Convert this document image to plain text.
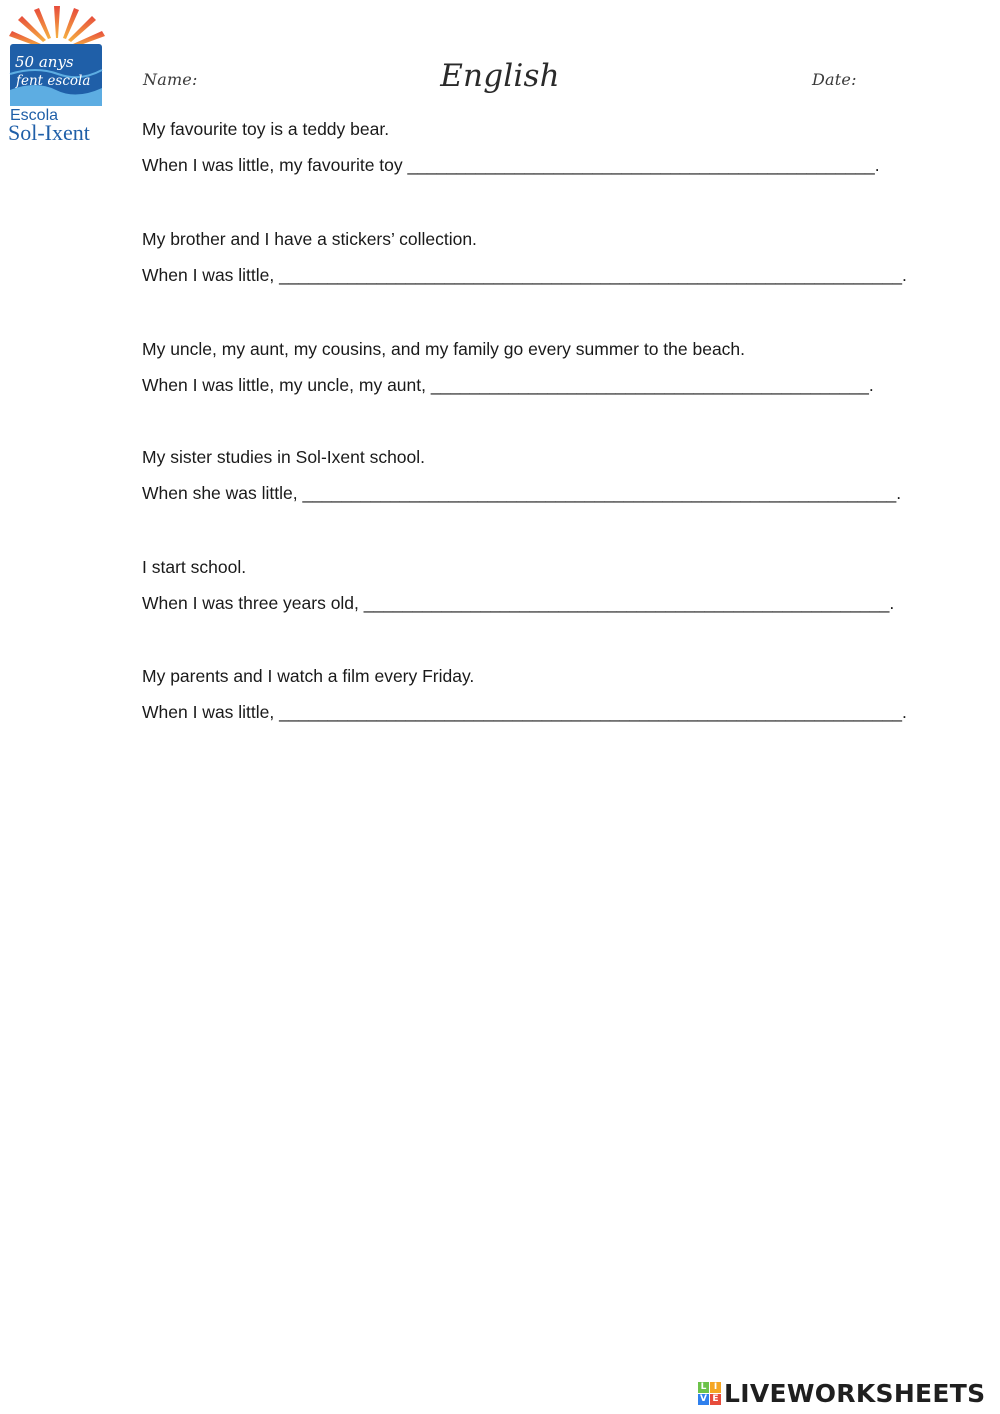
50 anys
fent escola
Escola
Sol-Ixent
Name:	English	Date:
My favourite toy is a teddy bear.
When I was little, my favourite toy ________________________________________________.
My brother and I have a stickers’ collection.
When I was little, ________________________________________________________________.
My uncle, my aunt, my cousins, and my family go every summer to the beach.
When I was little, my uncle, my aunt, _____________________________________________.
My sister studies in Sol-Ixent school.
When she was little, _____________________________________________________________.
I start school.
When I was three years old, ______________________________________________________.
My parents and I watch a film every Friday.
When I was little, ________________________________________________________________.
L I
V E LIVEWORKSHEETS
